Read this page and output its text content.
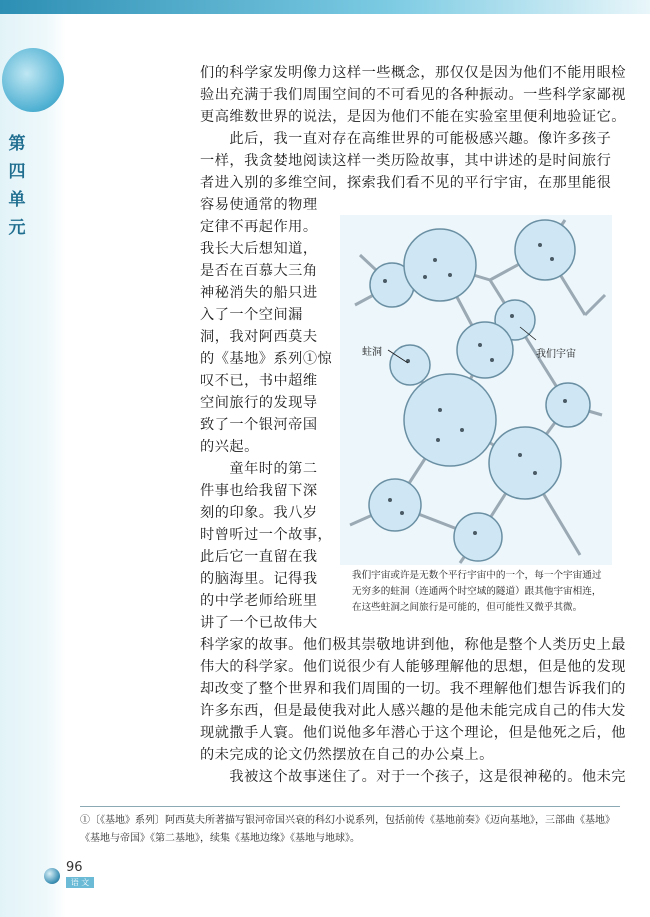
第
四
单
元

们的科学家发明像力这样一些概念，那仅仅是因为他们不能用眼检

验出充满于我们周围空间的不可看见的各种振动。一些科学家鄙视

更高维数世界的说法，是因为他们不能在实验室里便利地验证它。

　　此后，我一直对存在高维世界的可能极感兴趣。像许多孩子

一样，我贪婪地阅读这样一类历险故事，其中讲述的是时间旅行

者进入别的多维空间，探索我们看不见的平行宇宙，在那里能很

容易使通常的物理

定律不再起作用。

我长大后想知道，

是否在百慕大三角

神秘消失的船只进

入了一个空间漏

洞，我对阿西莫夫

的《基地》系列①惊

叹不已，书中超维

空间旅行的发现导

致了一个银河帝国

的兴起。

　　童年时的第二

件事也给我留下深

刻的印象。我八岁

时曾听过一个故事，

此后它一直留在我

的脑海里。记得我

的中学老师给班里

讲了一个已故伟大

科学家的故事。他们极其崇敬地讲到他，称他是整个人类历史上最

伟大的科学家。他们说很少有人能够理解他的思想，但是他的发现

却改变了整个世界和我们周围的一切。我不理解他们想告诉我们的

许多东西，但是最使我对此人感兴趣的是他未能完成自己的伟大发

现就撒手人寰。他们说他多年潜心于这个理论，但是他死之后，他

的未完成的论文仍然摆放在自己的办公桌上。

　　我被这个故事迷住了。对于一个孩子，这是很神秘的。他未完

蛀洞	我们宇宙
我们宇宙或许是无数个平行宇宙中的一个，每一个宇宙通过无穷多的蛀洞（连通两个时空域的隧道）跟其他宇宙相连，在这些蛀洞之间旅行是可能的，但可能性又微乎其微。
①〔《基地》系列〕阿西莫夫所著描写银河帝国兴衰的科幻小说系列，包括前传《基地前奏》《迈向基地》，三部曲《基地》
《基地与帝国》《第二基地》，续集《基地边缘》《基地与地球》。
96
语 文
